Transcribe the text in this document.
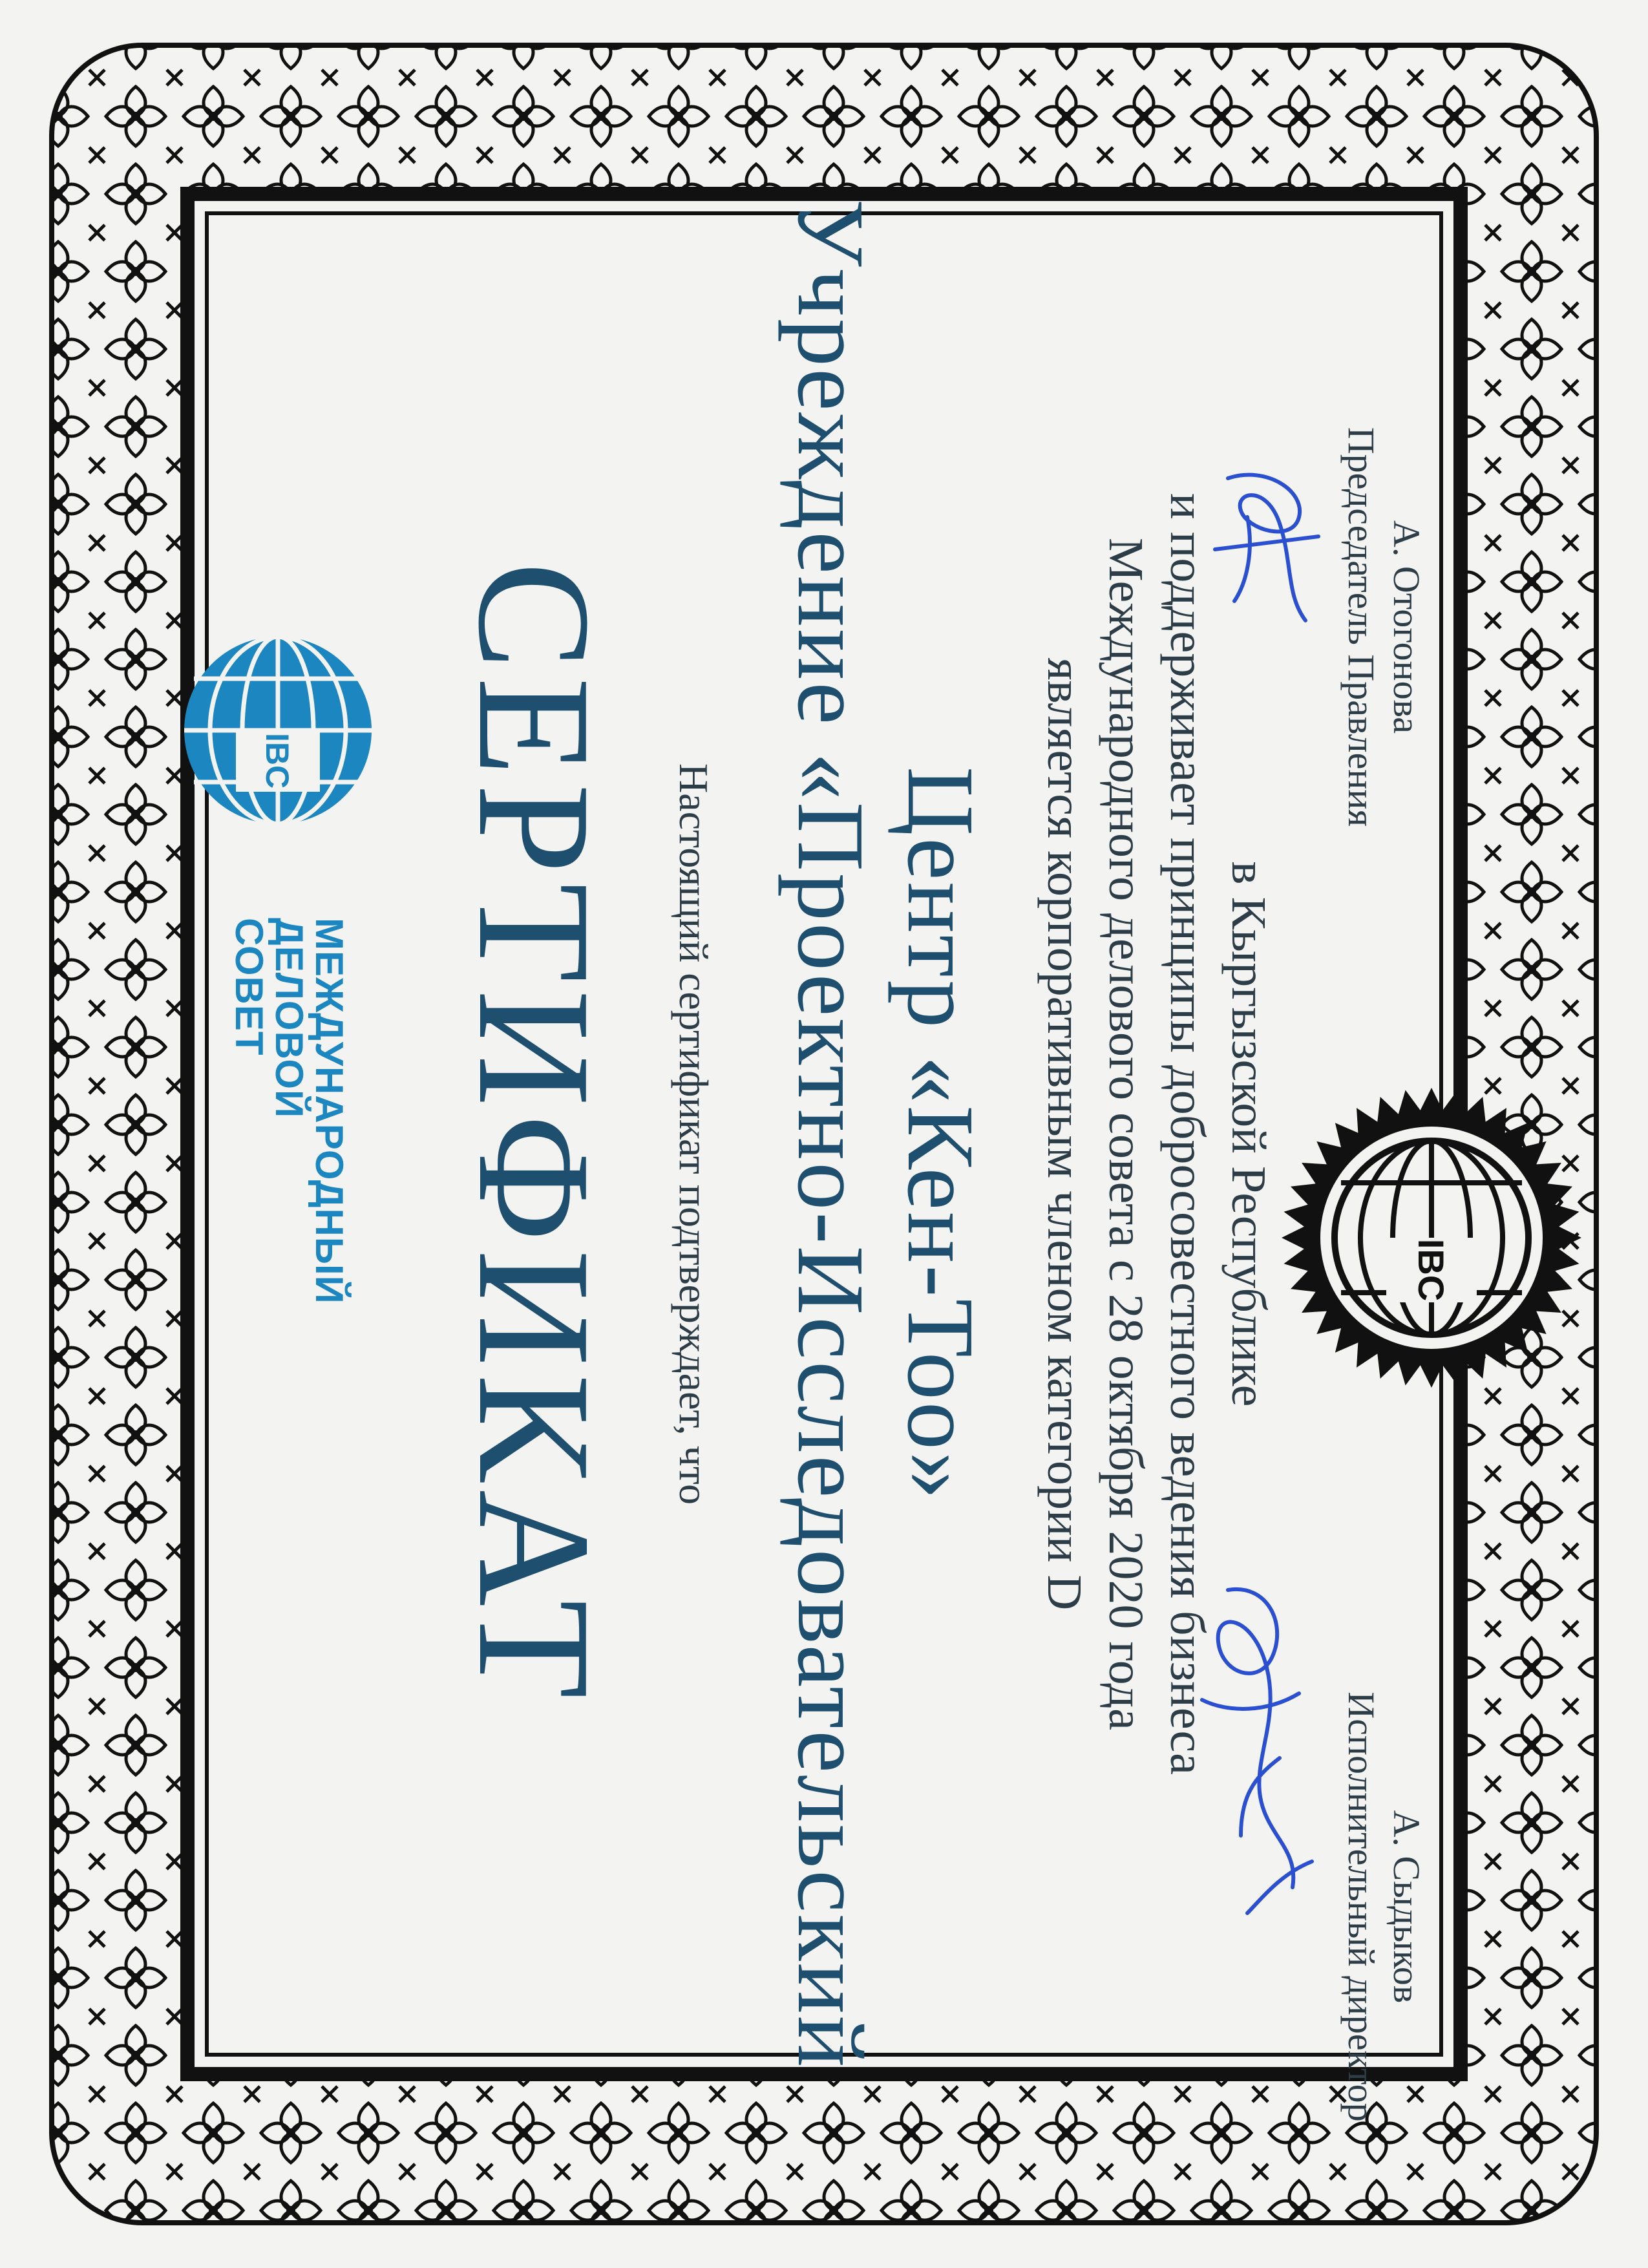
IBC
МЕЖДУНАРОДНЫЙ
ДЕЛОВОЙ
СОВЕТ СЕРТИФИКАТ Настоящий сертификат подтверждает, что Учреждение «Проектно-Исследовательский Центр «Кен-Тоо» является корпоративным членом категории D Международного делового совета с 28 октября 2020 года и поддерживает принципы добросовестного ведения бизнеса в Кыргызской Республике
Председатель Правления А. Отогонова
Исполнительный директор А. Сыдыков
IBC
